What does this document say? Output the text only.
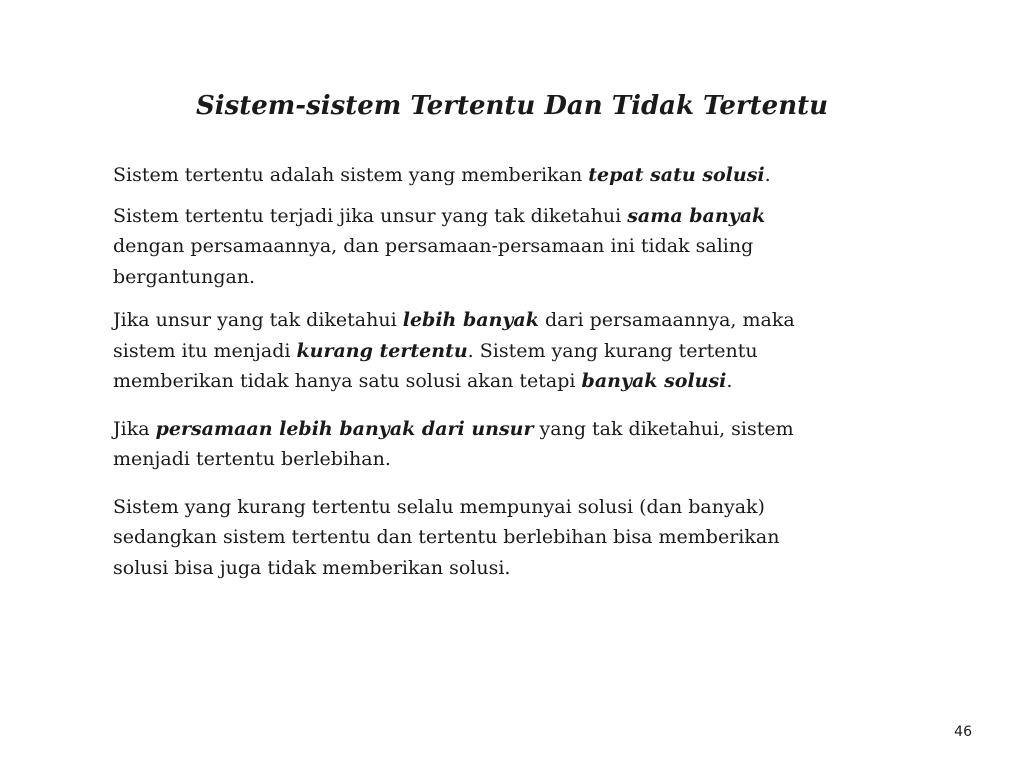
Sistem-sistem Tertentu Dan Tidak Tertentu

Sistem tertentu adalah sistem yang memberikan tepat satu solusi.

Sistem tertentu terjadi jika unsur yang tak diketahui sama banyak
dengan persamaannya, dan persamaan-persamaan ini tidak saling
bergantungan.

Jika unsur yang tak diketahui lebih banyak dari persamaannya, maka
sistem itu menjadi kurang tertentu. Sistem yang kurang tertentu
memberikan tidak hanya satu solusi akan tetapi banyak solusi.

Jika persamaan lebih banyak dari unsur yang tak diketahui, sistem
menjadi tertentu berlebihan.

Sistem yang kurang tertentu selalu mempunyai solusi (dan banyak)
sedangkan sistem tertentu dan tertentu berlebihan bisa memberikan
solusi bisa juga tidak memberikan solusi.

46
